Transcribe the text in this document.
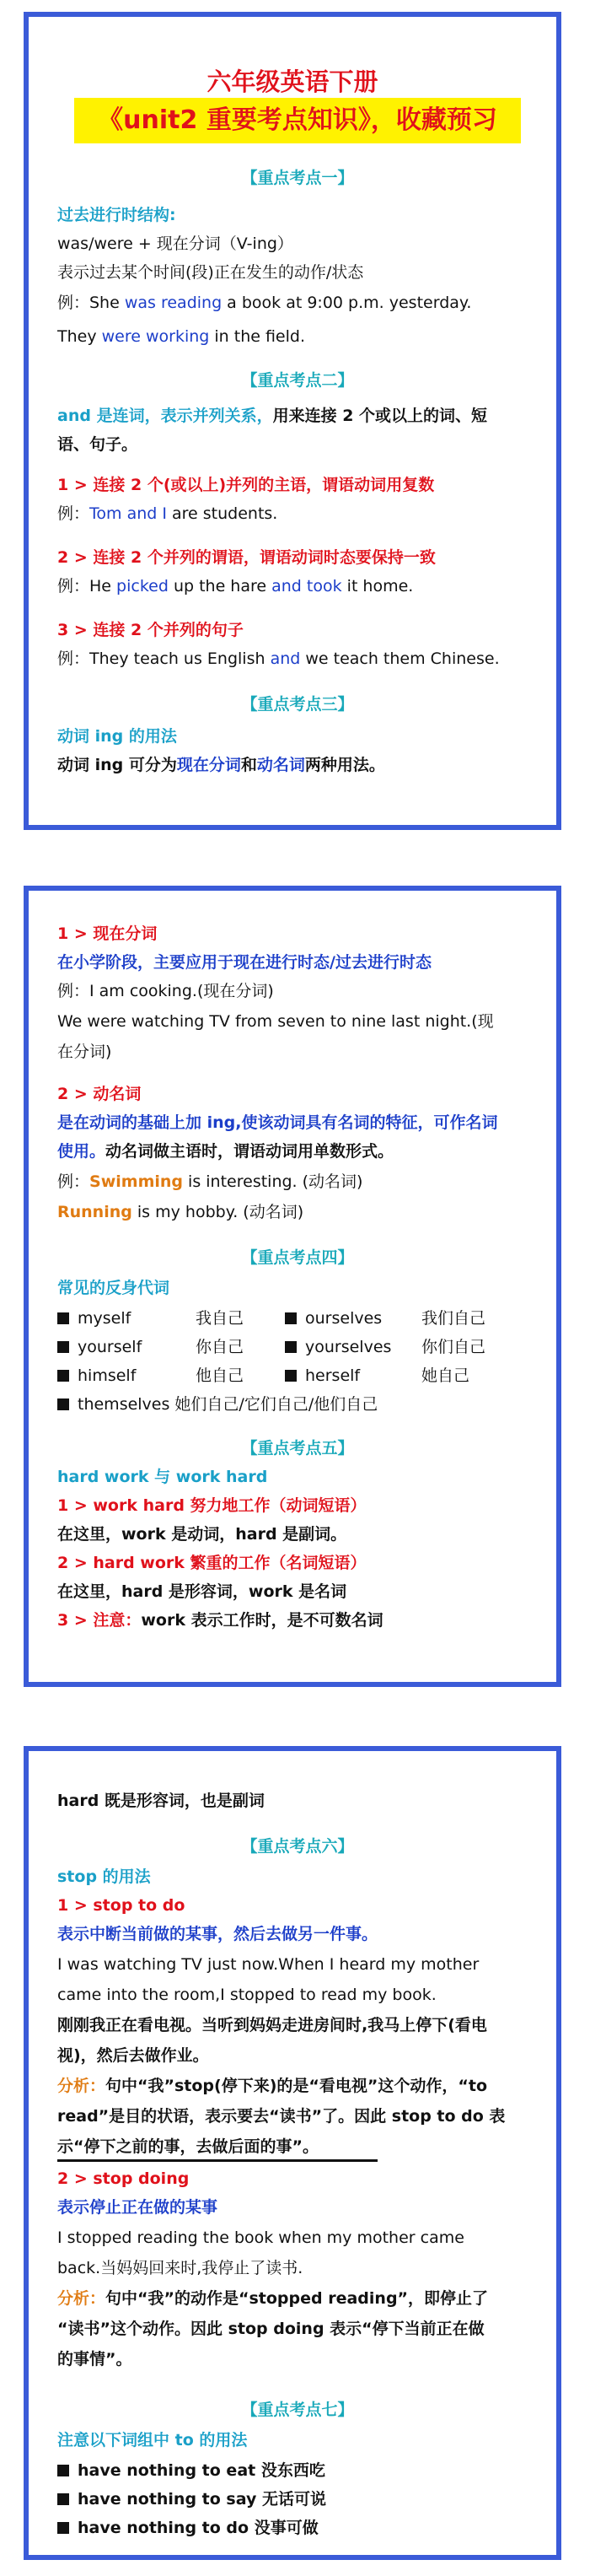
六年级英语下册
《unit2 重要考点知识》，收藏预习
【重点考点一】
过去进行时结构:
was/were + 现在分词（V-ing）
表示过去某个时间(段)正在发生的动作/状态
例：She was reading a book at 9:00 p.m. yesterday.
They were working in the field.
【重点考点二】
and 是连词，表示并列关系，用来连接 2 个或以上的词、短
语、句子。
1 > 连接 2 个(或以上)并列的主语，谓语动词用复数
例：Tom and I are students.
2 > 连接 2 个并列的谓语，谓语动词时态要保持一致
例：He picked up the hare and took it home.
3 > 连接 2 个并列的句子
例：They teach us English and we teach them Chinese.
【重点考点三】
动词 ing 的用法
动词 ing 可分为现在分词和动名词两种用法。
1 > 现在分词
在小学阶段，主要应用于现在进行时态/过去进行时态
例：I am cooking.(现在分词)
We were watching TV from seven to nine last night.(现
在分词)
2 > 动名词
是在动词的基础上加 ing,使该动词具有名词的特征，可作名词
使用。动名词做主语时，谓语动词用单数形式。
例：Swimming is interesting. (动名词)
Running is my hobby. (动名词)
【重点考点四】
常见的反身代词
myself	我自己	ourselves 我们自己
yourself	你自己	yourselves 你们自己
himself	他自己	herself	她自己
themselves 她们自己/它们自己/他们自己
【重点考点五】
hard work 与 work hard
1 > work hard 努力地工作（动词短语）
在这里，work 是动词，hard 是副词。
2 > hard work 繁重的工作（名词短语）
在这里，hard 是形容词，work 是名词
3 > 注意：work 表示工作时，是不可数名词
hard 既是形容词，也是副词
【重点考点六】
stop 的用法
1 > stop to do
表示中断当前做的某事，然后去做另一件事。
I was watching TV just now.When I heard my mother
came into the room,I stopped to read my book.
刚刚我正在看电视。当听到妈妈走进房间时,我马上停下(看电
视)，然后去做作业。
分析：句中“我”stop(停下来)的是“看电视”这个动作，“to
read”是目的状语，表示要去“读书”了。因此 stop to do 表
示“停下之前的事，去做后面的事”。
2 > stop doing
表示停止正在做的某事
I stopped reading the book when my mother came
back.当妈妈回来时,我停止了读书.
分析：句中“我”的动作是“stopped reading”，即停止了
“读书”这个动作。因此 stop doing 表示“停下当前正在做
的事情”。
【重点考点七】
注意以下词组中 to 的用法
have nothing to eat 没东西吃
have nothing to say 无话可说
have nothing to do 没事可做
